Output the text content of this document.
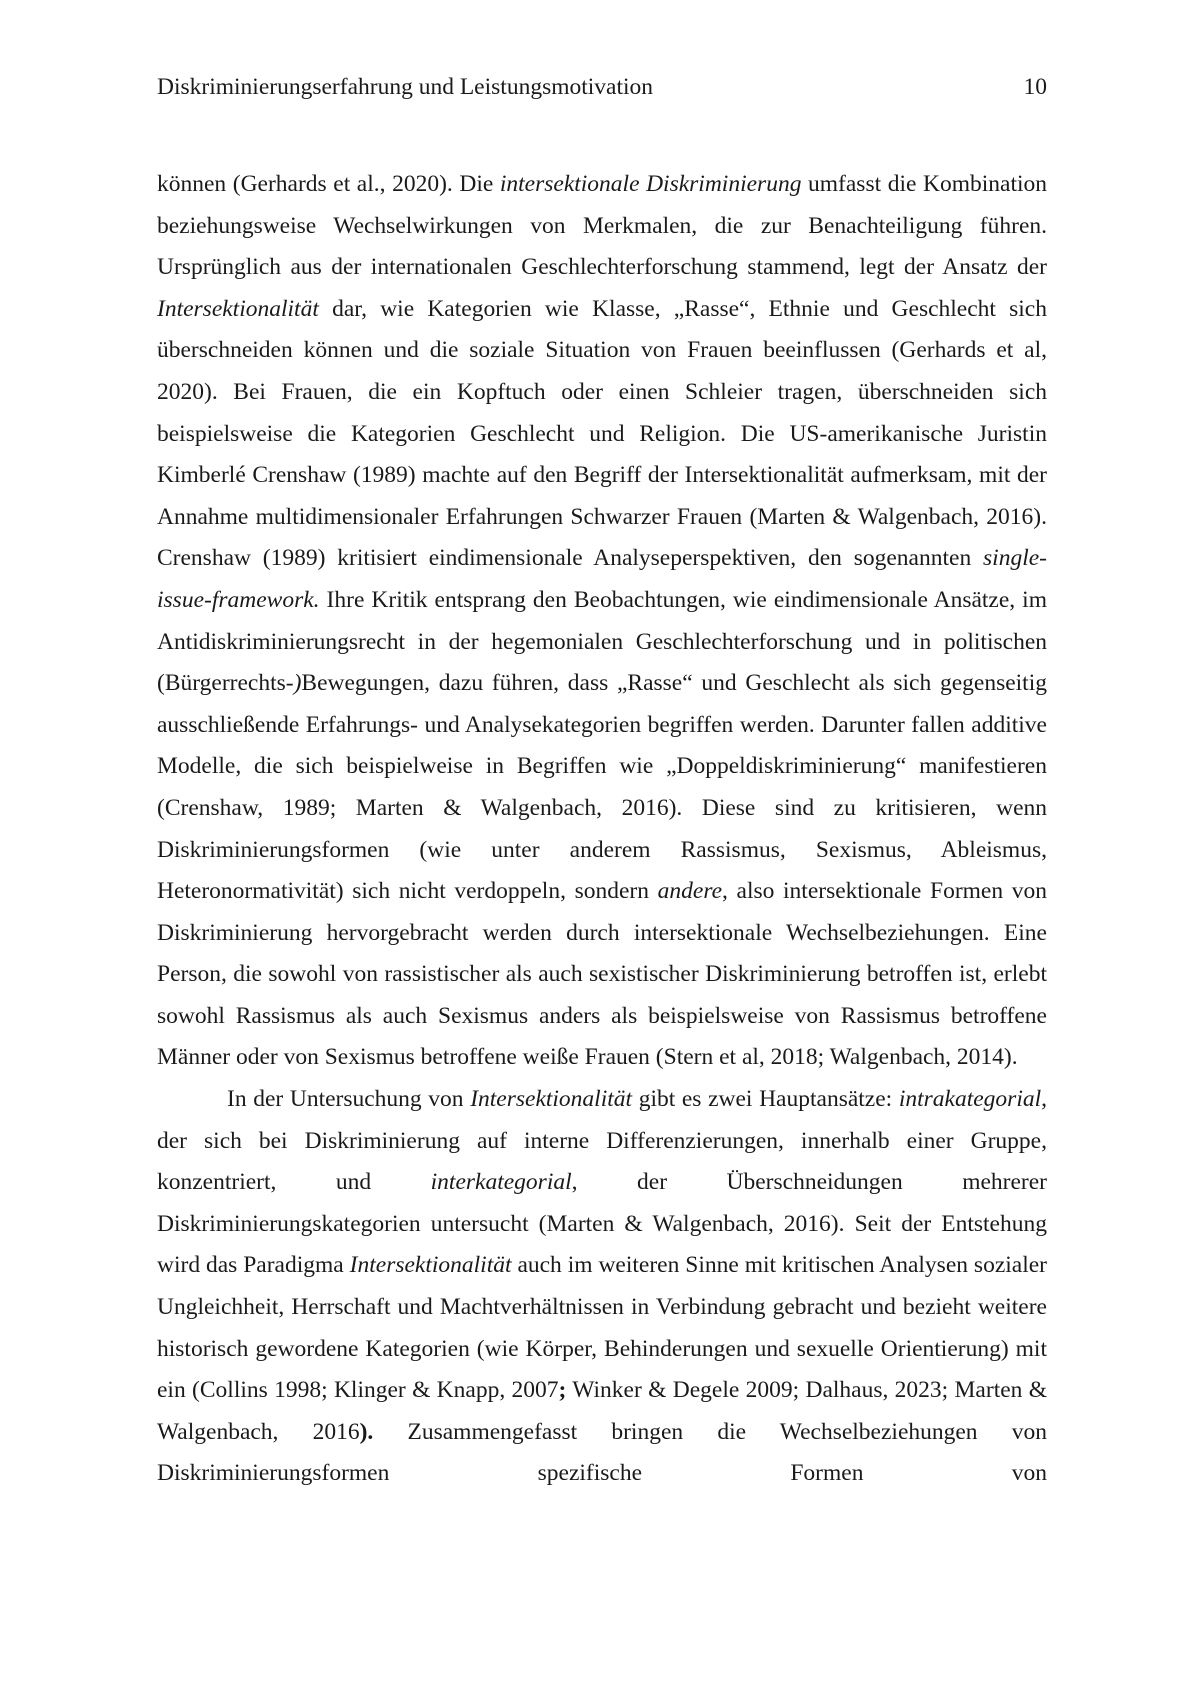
Diskriminierungserfahrung und Leistungsmotivation	10

können (Gerhards et al., 2020). Die intersektionale Diskriminierung umfasst die Kombination beziehungsweise Wechselwirkungen von Merkmalen, die zur Benachteiligung führen. Ursprünglich aus der internationalen Geschlechterforschung stammend, legt der Ansatz der Intersektionalität dar, wie Kategorien wie Klasse, „Rasse“, Ethnie und Geschlecht sich überschneiden können und die soziale Situation von Frauen beeinflussen (Gerhards et al, 2020). Bei Frauen, die ein Kopftuch oder einen Schleier tragen, überschneiden sich beispielsweise die Kategorien Geschlecht und Religion. Die US-amerikanische Juristin Kimberlé Crenshaw (1989) machte auf den Begriff der Intersektionalität aufmerksam, mit der Annahme multidimensionaler Erfahrungen Schwarzer Frauen (Marten & Walgenbach, 2016). Crenshaw (1989) kritisiert eindimensionale Analyseperspektiven, den sogenannten single-issue-framework. Ihre Kritik entsprang den Beobachtungen, wie eindimensionale Ansätze, im Antidiskriminierungsrecht in der hegemonialen Geschlechterforschung und in politischen (Bürgerrechts-)Bewegungen, dazu führen, dass „Rasse“ und Geschlecht als sich gegenseitig ausschließende Erfahrungs- und Analysekategorien begriffen werden. Darunter fallen additive Modelle, die sich beispielweise in Begriffen wie „Doppeldiskriminierung“ manifestieren (Crenshaw, 1989; Marten & Walgenbach, 2016). Diese sind zu kritisieren, wenn Diskriminierungsformen (wie unter anderem Rassismus, Sexismus, Ableismus, Heteronormativität) sich nicht verdoppeln, sondern andere, also intersektionale Formen von Diskriminierung hervorgebracht werden durch intersektionale Wechselbeziehungen. Eine Person, die sowohl von rassistischer als auch sexistischer Diskriminierung betroffen ist, erlebt sowohl Rassismus als auch Sexismus anders als beispielsweise von Rassismus betroffene Männer oder von Sexismus betroffene weiße Frauen (Stern et al, 2018; Walgenbach, 2014).

In der Untersuchung von Intersektionalität gibt es zwei Hauptansätze: intrakategorial, der sich bei Diskriminierung auf interne Differenzierungen, innerhalb einer Gruppe, konzentriert, und interkategorial, der Überschneidungen mehrerer Diskriminierungskategorien untersucht (Marten & Walgenbach, 2016). Seit der Entstehung wird das Paradigma Intersektionalität auch im weiteren Sinne mit kritischen Analysen sozialer Ungleichheit, Herrschaft und Machtverhältnissen in Verbindung gebracht und bezieht weitere historisch gewordene Kategorien (wie Körper, Behinderungen und sexuelle Orientierung) mit ein (Collins 1998; Klinger & Knapp, 2007; Winker & Degele 2009; Dalhaus, 2023; Marten & Walgenbach, 2016). Zusammengefasst bringen die Wechselbeziehungen von Diskriminierungsformen spezifische Formen von
